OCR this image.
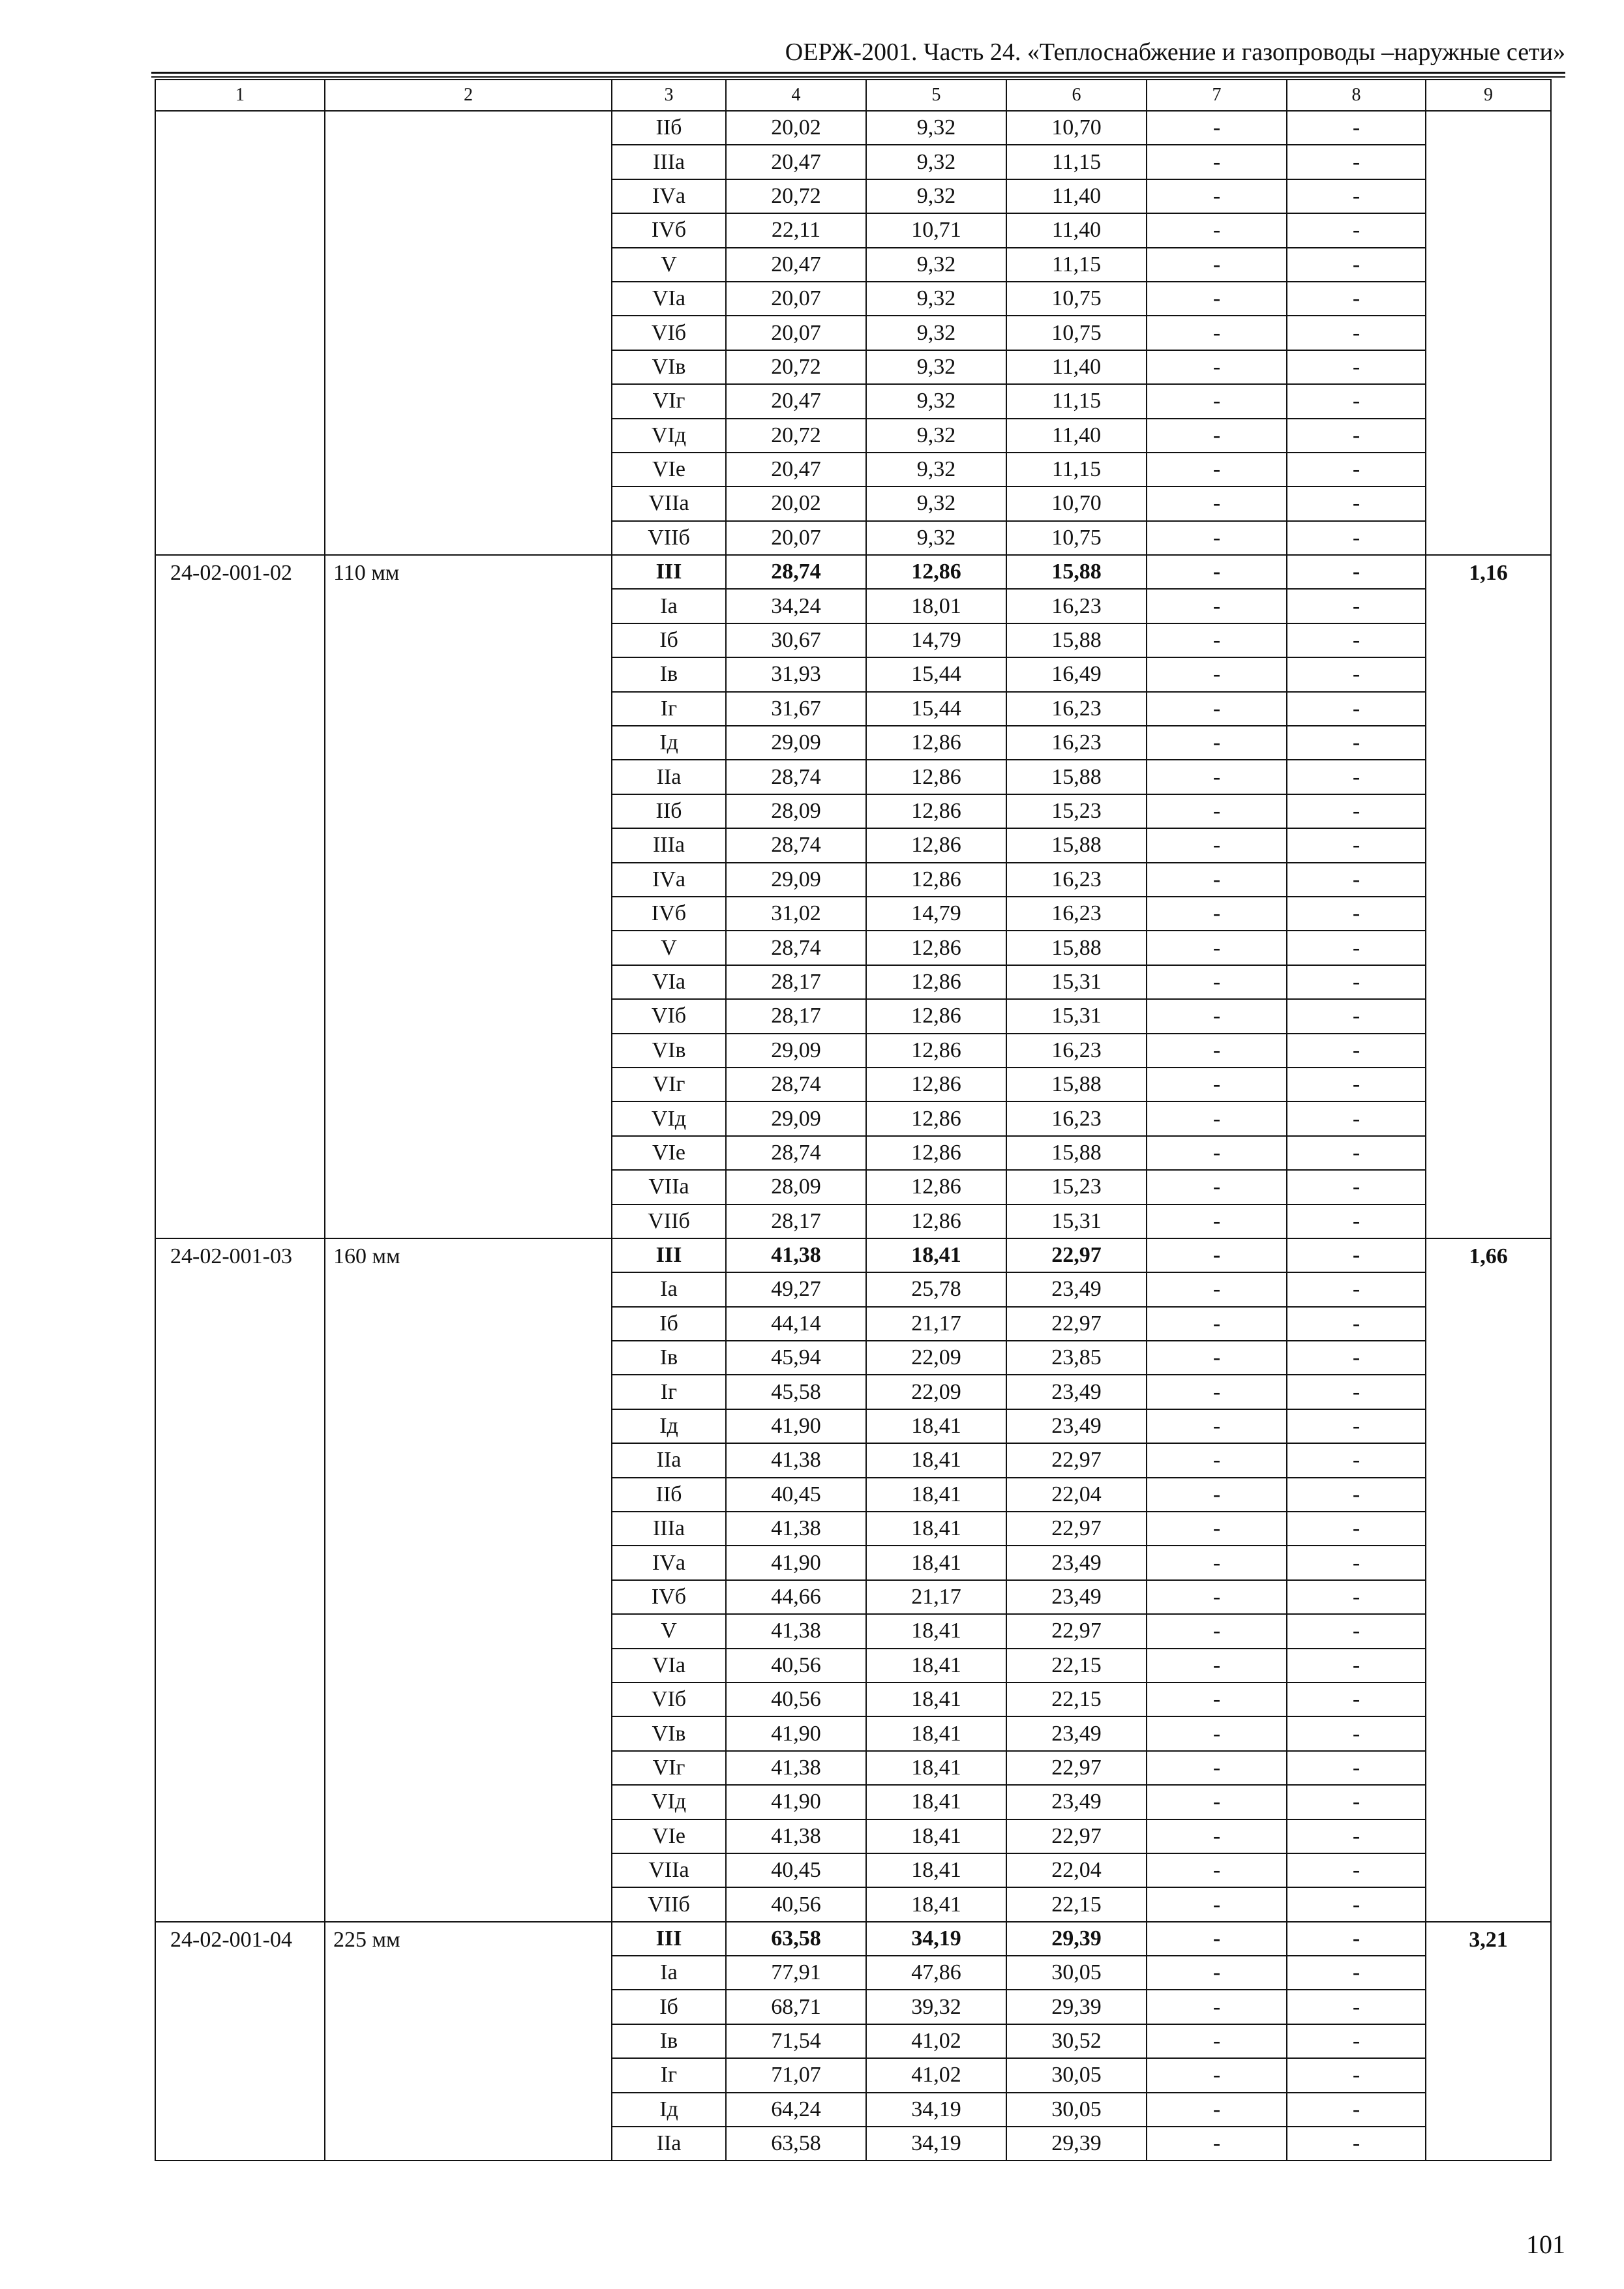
ОЕРЖ-2001. Часть 24. «Теплоснабжение и газопроводы –наружные сети»
1	2	3	4	5	6	7	8	9
		IIб	20,02	9,32	10,70	-	-	
		IIIа	20,47	9,32	11,15	-	-	
		IVа	20,72	9,32	11,40	-	-	
		IVб	22,11	10,71	11,40	-	-	
		V	20,47	9,32	11,15	-	-	
		VIа	20,07	9,32	10,75	-	-	
		VIб	20,07	9,32	10,75	-	-	
		VIв	20,72	9,32	11,40	-	-	
		VIг	20,47	9,32	11,15	-	-	
		VIд	20,72	9,32	11,40	-	-	
		VIе	20,47	9,32	11,15	-	-	
		VIIа	20,02	9,32	10,70	-	-	
		VIIб	20,07	9,32	10,75	-	-	
24-02-001-02	110 мм	III	28,74	12,86	15,88	-	-	1,16
		Iа	34,24	18,01	16,23	-	-	
		Iб	30,67	14,79	15,88	-	-	
		Iв	31,93	15,44	16,49	-	-	
		Iг	31,67	15,44	16,23	-	-	
		Iд	29,09	12,86	16,23	-	-	
		IIа	28,74	12,86	15,88	-	-	
		IIб	28,09	12,86	15,23	-	-	
		IIIа	28,74	12,86	15,88	-	-	
		IVа	29,09	12,86	16,23	-	-	
		IVб	31,02	14,79	16,23	-	-	
		V	28,74	12,86	15,88	-	-	
		VIа	28,17	12,86	15,31	-	-	
		VIб	28,17	12,86	15,31	-	-	
		VIв	29,09	12,86	16,23	-	-	
		VIг	28,74	12,86	15,88	-	-	
		VIд	29,09	12,86	16,23	-	-	
		VIе	28,74	12,86	15,88	-	-	
		VIIа	28,09	12,86	15,23	-	-	
		VIIб	28,17	12,86	15,31	-	-	
24-02-001-03	160 мм	III	41,38	18,41	22,97	-	-	1,66
		Iа	49,27	25,78	23,49	-	-	
		Iб	44,14	21,17	22,97	-	-	
		Iв	45,94	22,09	23,85	-	-	
		Iг	45,58	22,09	23,49	-	-	
		Iд	41,90	18,41	23,49	-	-	
		IIа	41,38	18,41	22,97	-	-	
		IIб	40,45	18,41	22,04	-	-	
		IIIа	41,38	18,41	22,97	-	-	
		IVа	41,90	18,41	23,49	-	-	
		IVб	44,66	21,17	23,49	-	-	
		V	41,38	18,41	22,97	-	-	
		VIа	40,56	18,41	22,15	-	-	
		VIб	40,56	18,41	22,15	-	-	
		VIв	41,90	18,41	23,49	-	-	
		VIг	41,38	18,41	22,97	-	-	
		VIд	41,90	18,41	23,49	-	-	
		VIе	41,38	18,41	22,97	-	-	
		VIIа	40,45	18,41	22,04	-	-	
		VIIб	40,56	18,41	22,15	-	-	
24-02-001-04	225 мм	III	63,58	34,19	29,39	-	-	3,21
		Iа	77,91	47,86	30,05	-	-	
		Iб	68,71	39,32	29,39	-	-	
		Iв	71,54	41,02	30,52	-	-	
		Iг	71,07	41,02	30,05	-	-	
		Iд	64,24	34,19	30,05	-	-	
		IIа	63,58	34,19	29,39	-	-	
101
